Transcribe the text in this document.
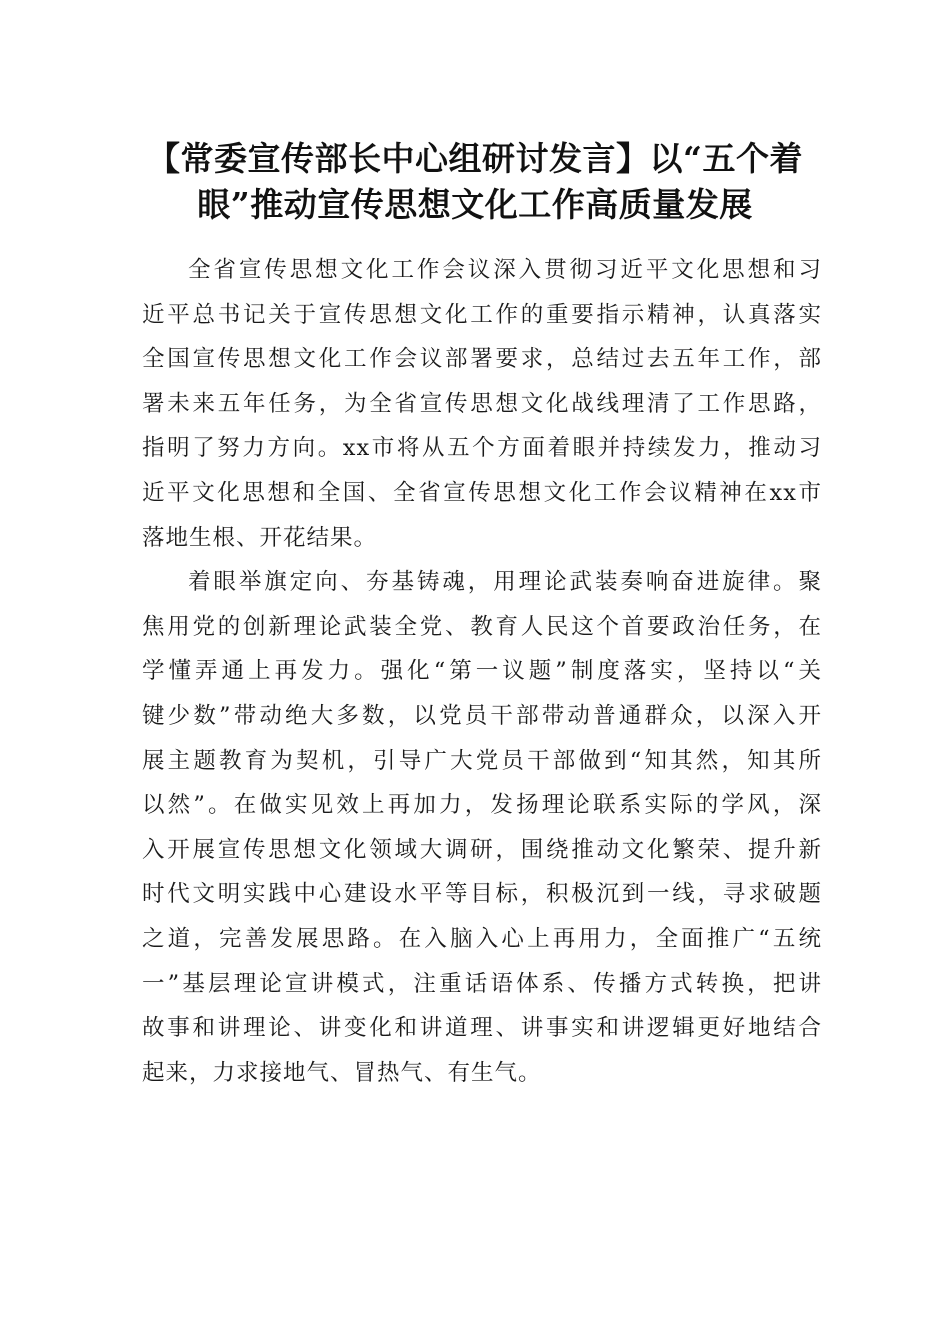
【常委宣传部长中心组研讨发言】以“五个着
眼”推动宣传思想文化工作高质量发展
全省宣传思想文化工作会议深入贯彻习近平文化思想和习
近平总书记关于宣传思想文化工作的重要指示精神，认真落实
全国宣传思想文化工作会议部署要求，总结过去五年工作，部
署未来五年任务，为全省宣传思想文化战线理清了工作思路，
指明了努力方向。xx市将从五个方面着眼并持续发力，推动习
近平文化思想和全国、全省宣传思想文化工作会议精神在xx市
落地生根、开花结果。
着眼举旗定向、夯基铸魂，用理论武装奏响奋进旋律。聚
焦用党的创新理论武装全党、教育人民这个首要政治任务，在
学懂弄通上再发力。强化“第一议题”制度落实，坚持以“关
键少数”带动绝大多数，以党员干部带动普通群众，以深入开
展主题教育为契机，引导广大党员干部做到“知其然，知其所
以然”。在做实见效上再加力，发扬理论联系实际的学风，深
入开展宣传思想文化领域大调研，围绕推动文化繁荣、提升新
时代文明实践中心建设水平等目标，积极沉到一线，寻求破题
之道，完善发展思路。在入脑入心上再用力，全面推广“五统
一”基层理论宣讲模式，注重话语体系、传播方式转换，把讲
故事和讲理论、讲变化和讲道理、讲事实和讲逻辑更好地结合
起来，力求接地气、冒热气、有生气。
